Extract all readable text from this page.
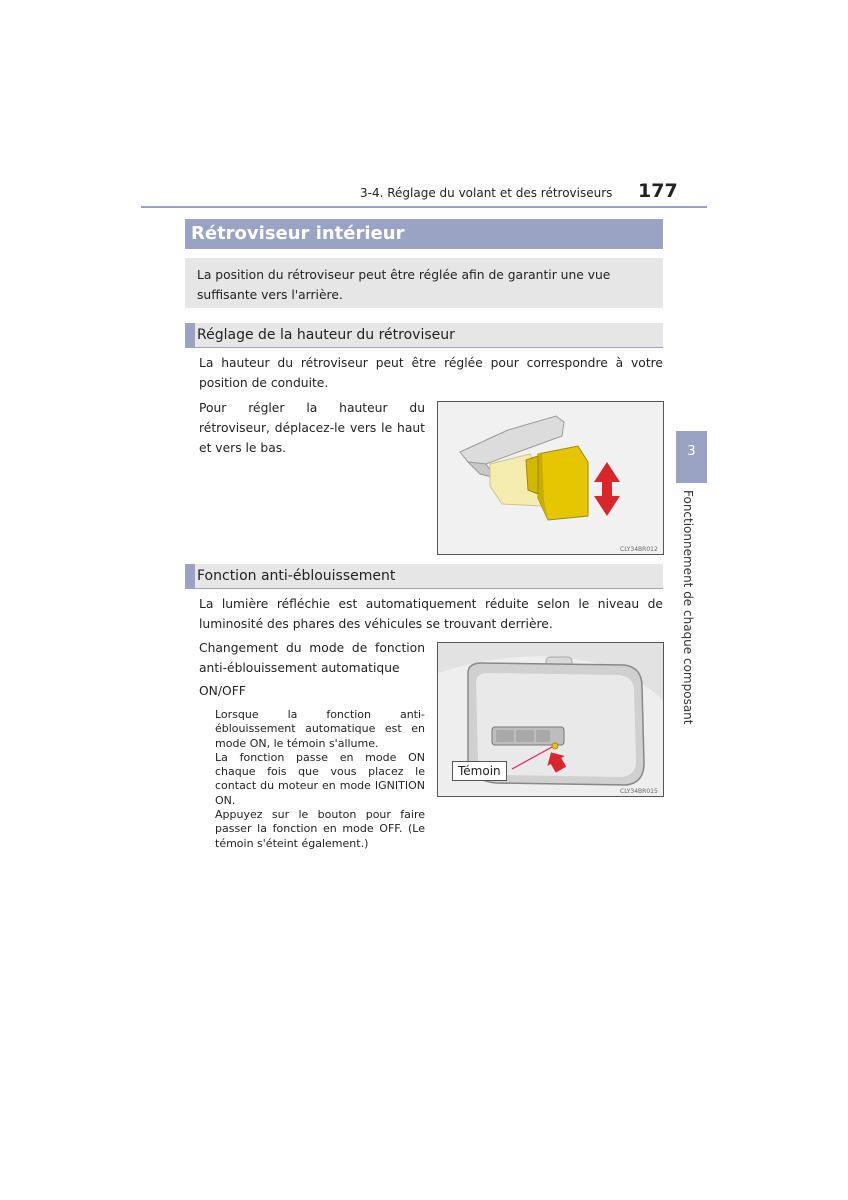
3-4. Réglage du volant et des rétroviseurs 177
Rétroviseur intérieur
La position du rétroviseur peut être réglée afin de garantir une vue suffisante vers l'arrière.
Réglage de la hauteur du rétroviseur
La hauteur du rétroviseur peut être réglée pour correspondre à votre position de conduite.
Pour régler la hauteur du rétroviseur, déplacez-le vers le haut et vers le bas.
CLY34BR012
Fonction anti-éblouissement
La lumière réfléchie est automatiquement réduite selon le niveau de luminosité des phares des véhicules se trouvant derrière.
Changement du mode de fonction anti-éblouissement automatique
ON/OFF
Lorsque la fonction anti-éblouissement automatique est en mode ON, le témoin s'allume.
La fonction passe en mode ON chaque fois que vous placez le contact du moteur en mode IGNITION ON.
Appuyez sur le bouton pour faire passer la fonction en mode OFF. (Le témoin s'éteint également.)
Témoin
CLY34BR015
3
Fonctionnement de chaque composant
